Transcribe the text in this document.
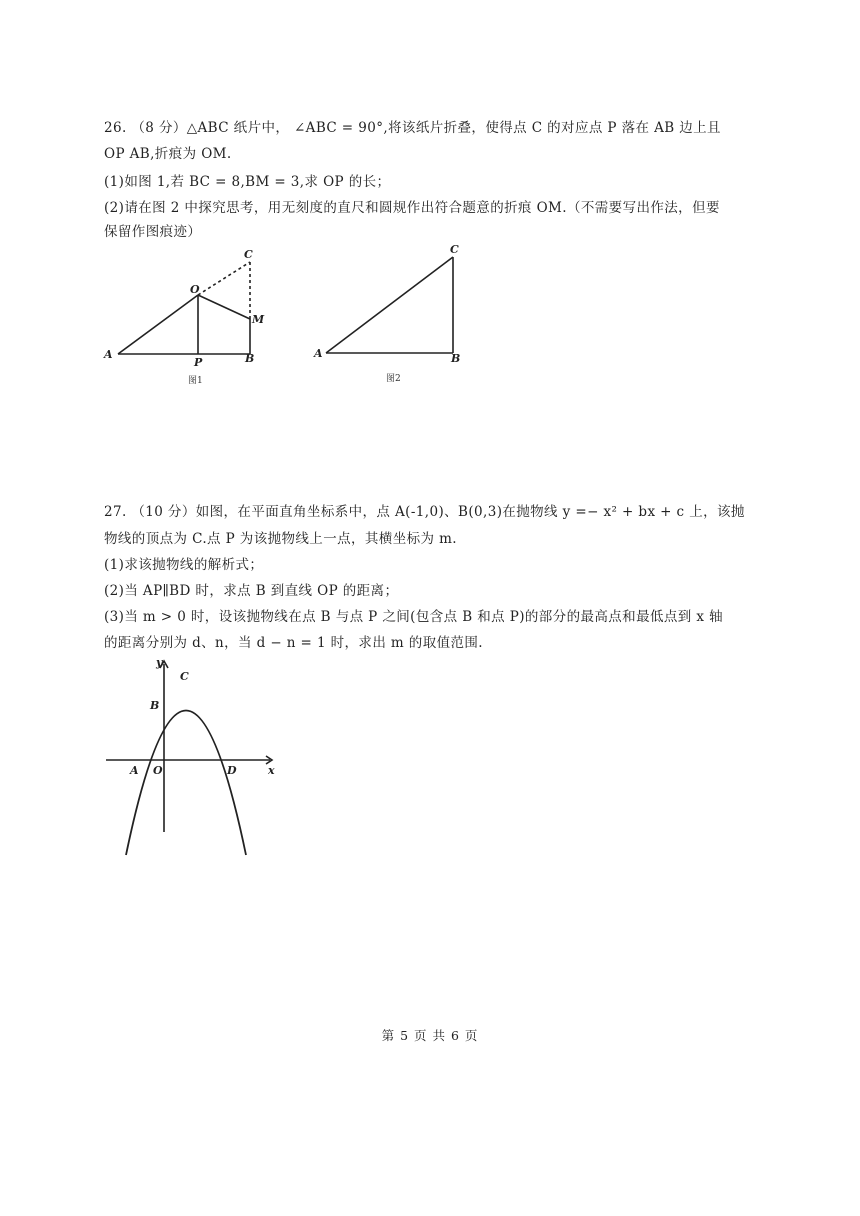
26. （8 分）△ABC 纸片中， ∠ABC = 90°,将该纸片折叠，使得点 C 的对应点 P 落在 AB 边上且
OP AB,折痕为 OM.
(1)如图 1,若 BC = 8,BM = 3,求 OP 的长；
(2)请在图 2 中探究思考，用无刻度的直尺和圆规作出符合题意的折痕 OM.（不需要写出作法，但要
保留作图痕迹）
A
O
C
M
P	B
图1
A
C
B
图2
27. （10 分）如图，在平面直角坐标系中，点 A(-1,0)、B(0,3)在抛物线 y =− x² + bx + c 上，该抛
物线的顶点为 C.点 P 为该抛物线上一点，其横坐标为 m.
(1)求该抛物线的解析式；
(2)当 AP∥BD 时，求点 B 到直线 OP 的距离；
(3)当 m > 0 时，设该抛物线在点 B 与点 P 之间(包含点 B 和点 P)的部分的最高点和最低点到 x 轴
的距离分别为 d、n，当 d − n = 1 时，求出 m 的取值范围.
y
C
B
A O	D	x
第 5 页 共 6 页
